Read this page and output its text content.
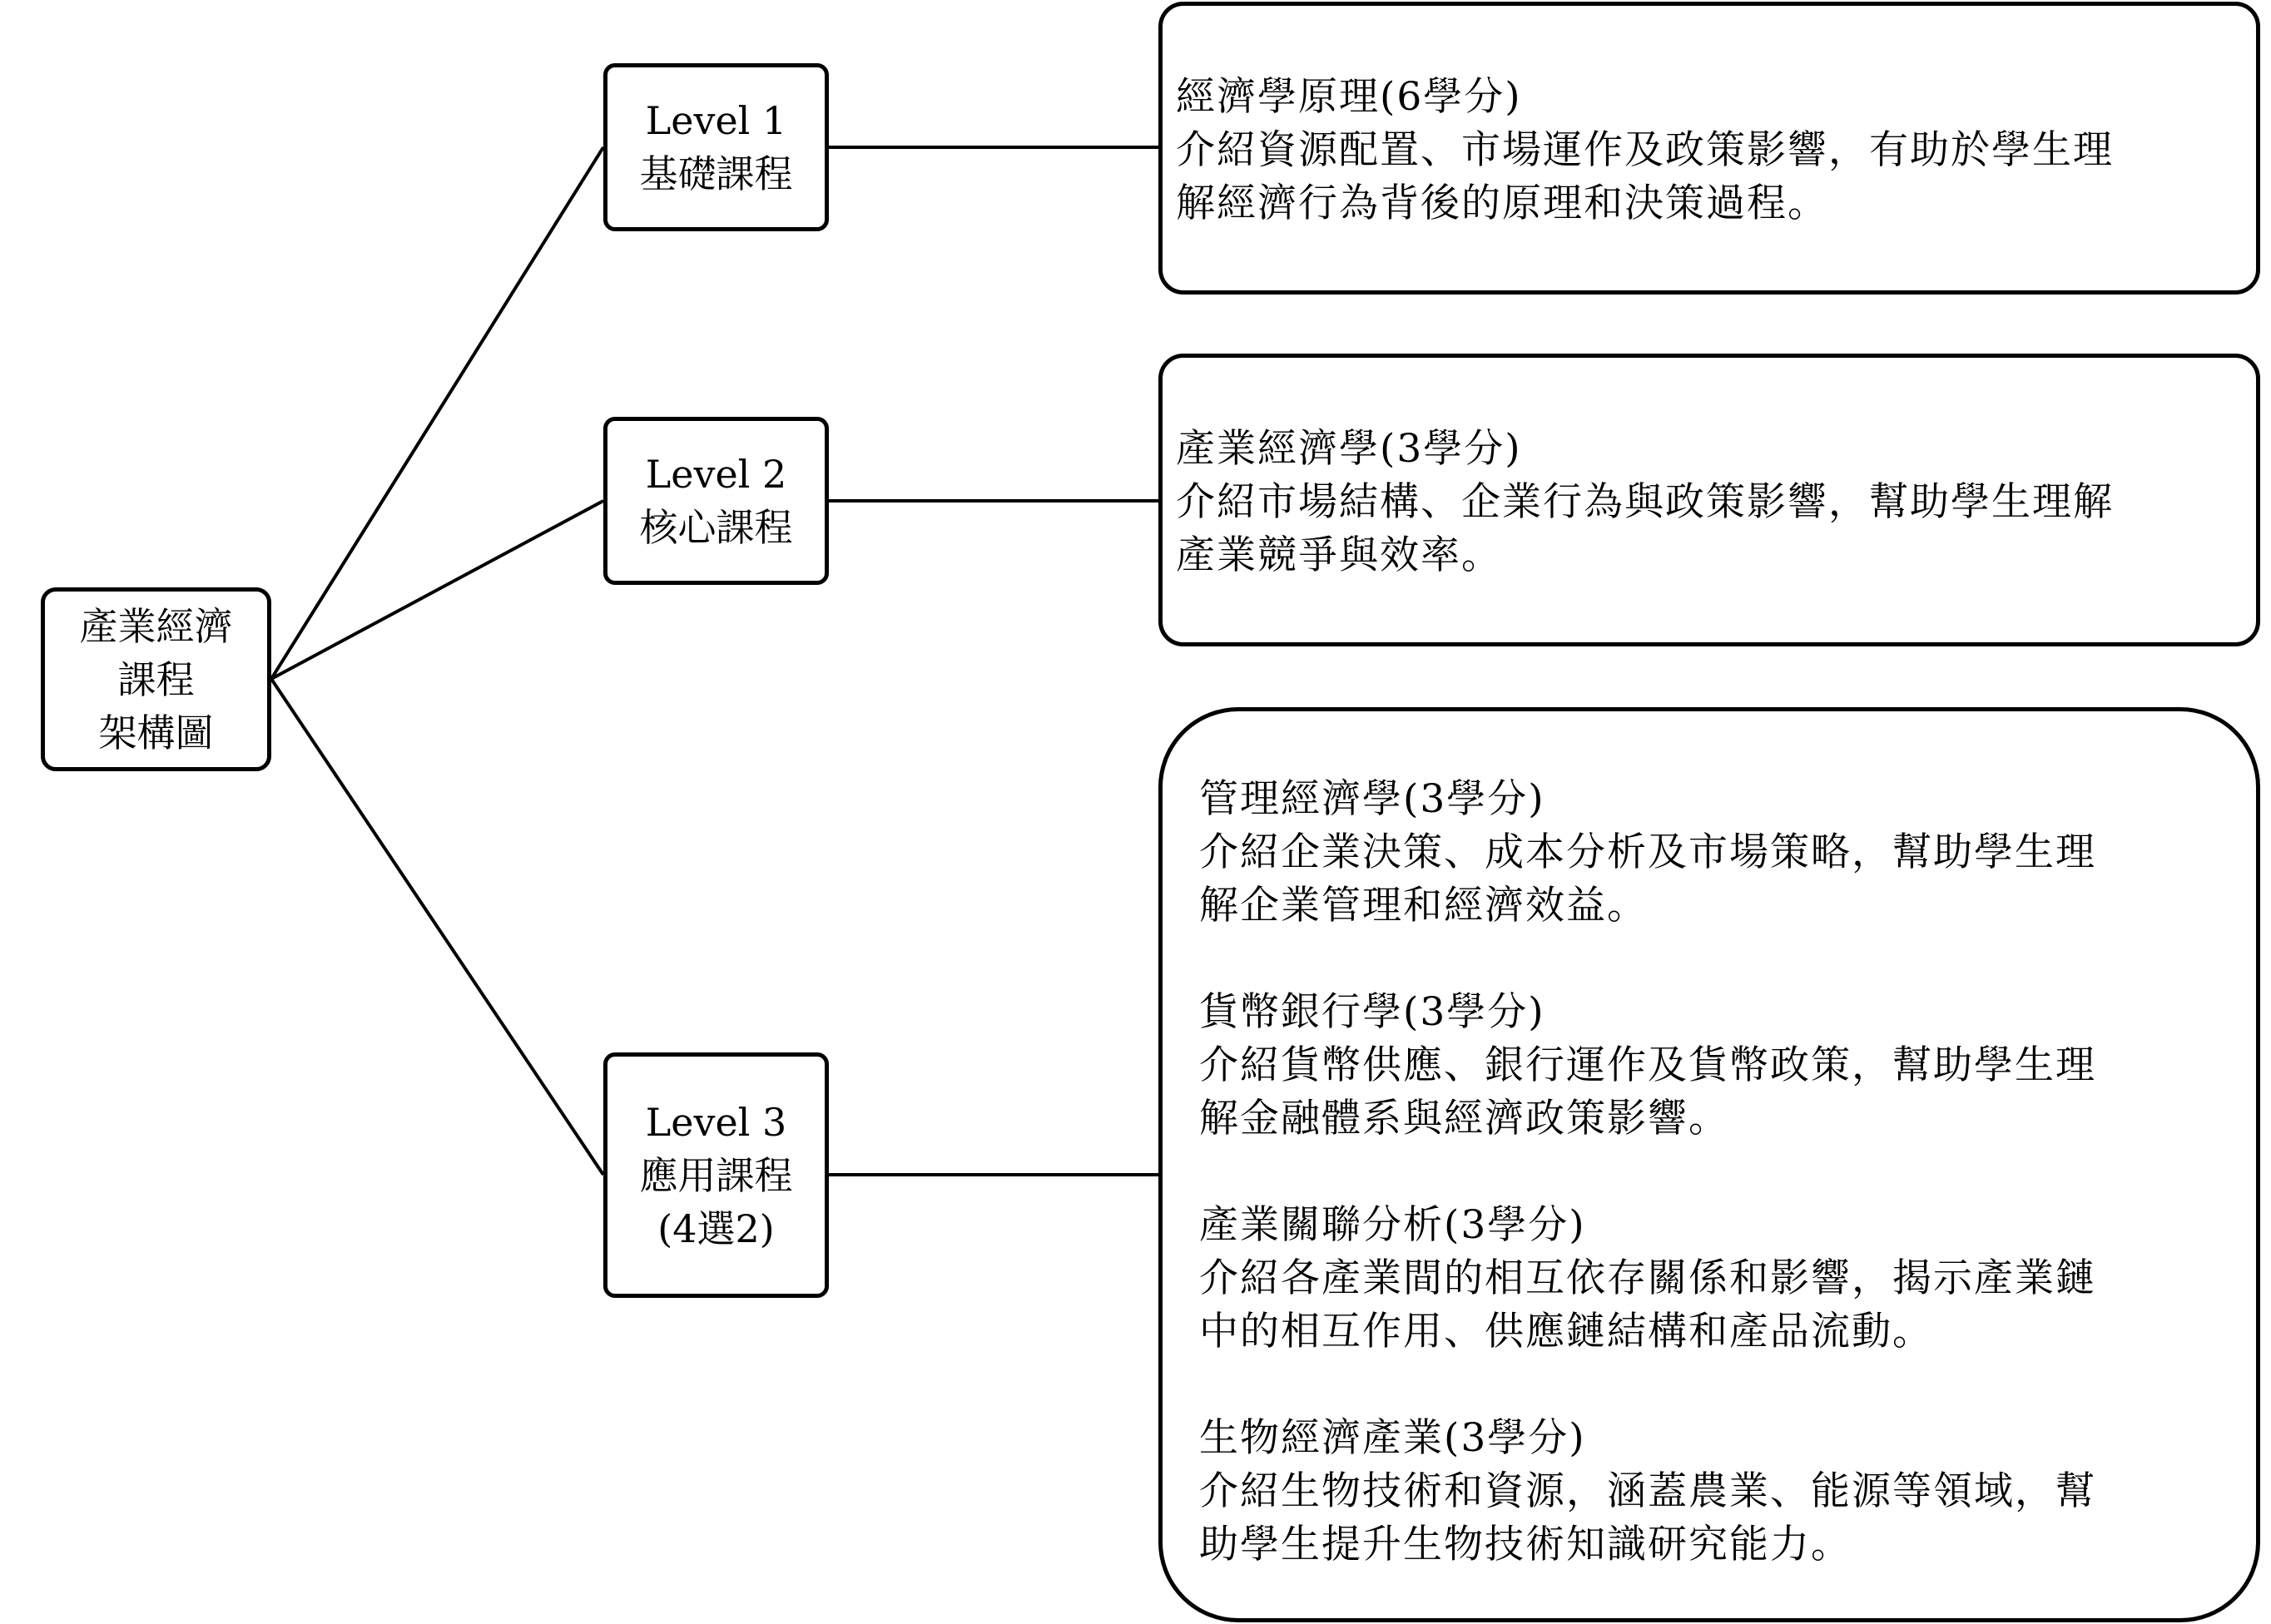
產業經濟
課程
架構圖
Level 1
基礎課程
Level 2
核心課程
Level 3
應用課程
(4選2)
經濟學原理(6學分)
介紹資源配置、市場運作及政策影響，有助於學生理
解經濟行為背後的原理和決策過程。
產業經濟學(3學分)
介紹市場結構、企業行為與政策影響，幫助學生理解
產業競爭與效率。
管理經濟學(3學分)
介紹企業決策、成本分析及市場策略，幫助學生理
解企業管理和經濟效益。
貨幣銀行學(3學分)
介紹貨幣供應、銀行運作及貨幣政策，幫助學生理
解金融體系與經濟政策影響。
產業關聯分析(3學分)
介紹各產業間的相互依存關係和影響，揭示產業鏈
中的相互作用、供應鏈結構和產品流動。
生物經濟產業(3學分)
介紹生物技術和資源，涵蓋農業、能源等領域，幫
助學生提升生物技術知識研究能力。
